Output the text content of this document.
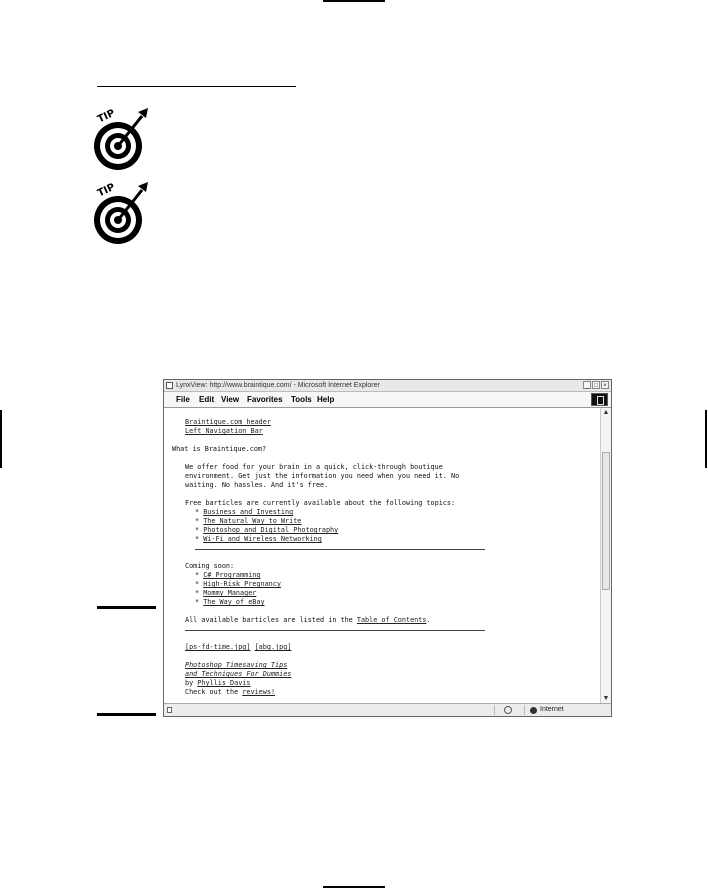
TIP
TIP
LynxView: http://www.braintique.com/ - Microsoft Internet Explorer	_ □ ×
File Edit View Favorites Tools Help
Braintique.com header
Left Navigation Bar
What is Braintique.com?
We offer food for your brain in a quick, click-through boutique
environment. Get just the information you need when you need it. No
waiting. No hassles. And it's free.
Free barticles are currently available about the following topics:
* Business and Investing
* The Natural Way to Write
* Photoshop and Digital Photography
* Wi-Fi and Wireless Networking
Coming soon:
* C# Programming
* High-Risk Pregnancy
* Mommy Manager
* The Way of eBay
All available barticles are listed in the Table of Contents.
[ps-fd-time.jpg] [abg.jpg]
Photoshop Timesaving Tips
and Techniques For Dummies
by Phyllis Davis
Check out the reviews!
▲
▼
Internet
